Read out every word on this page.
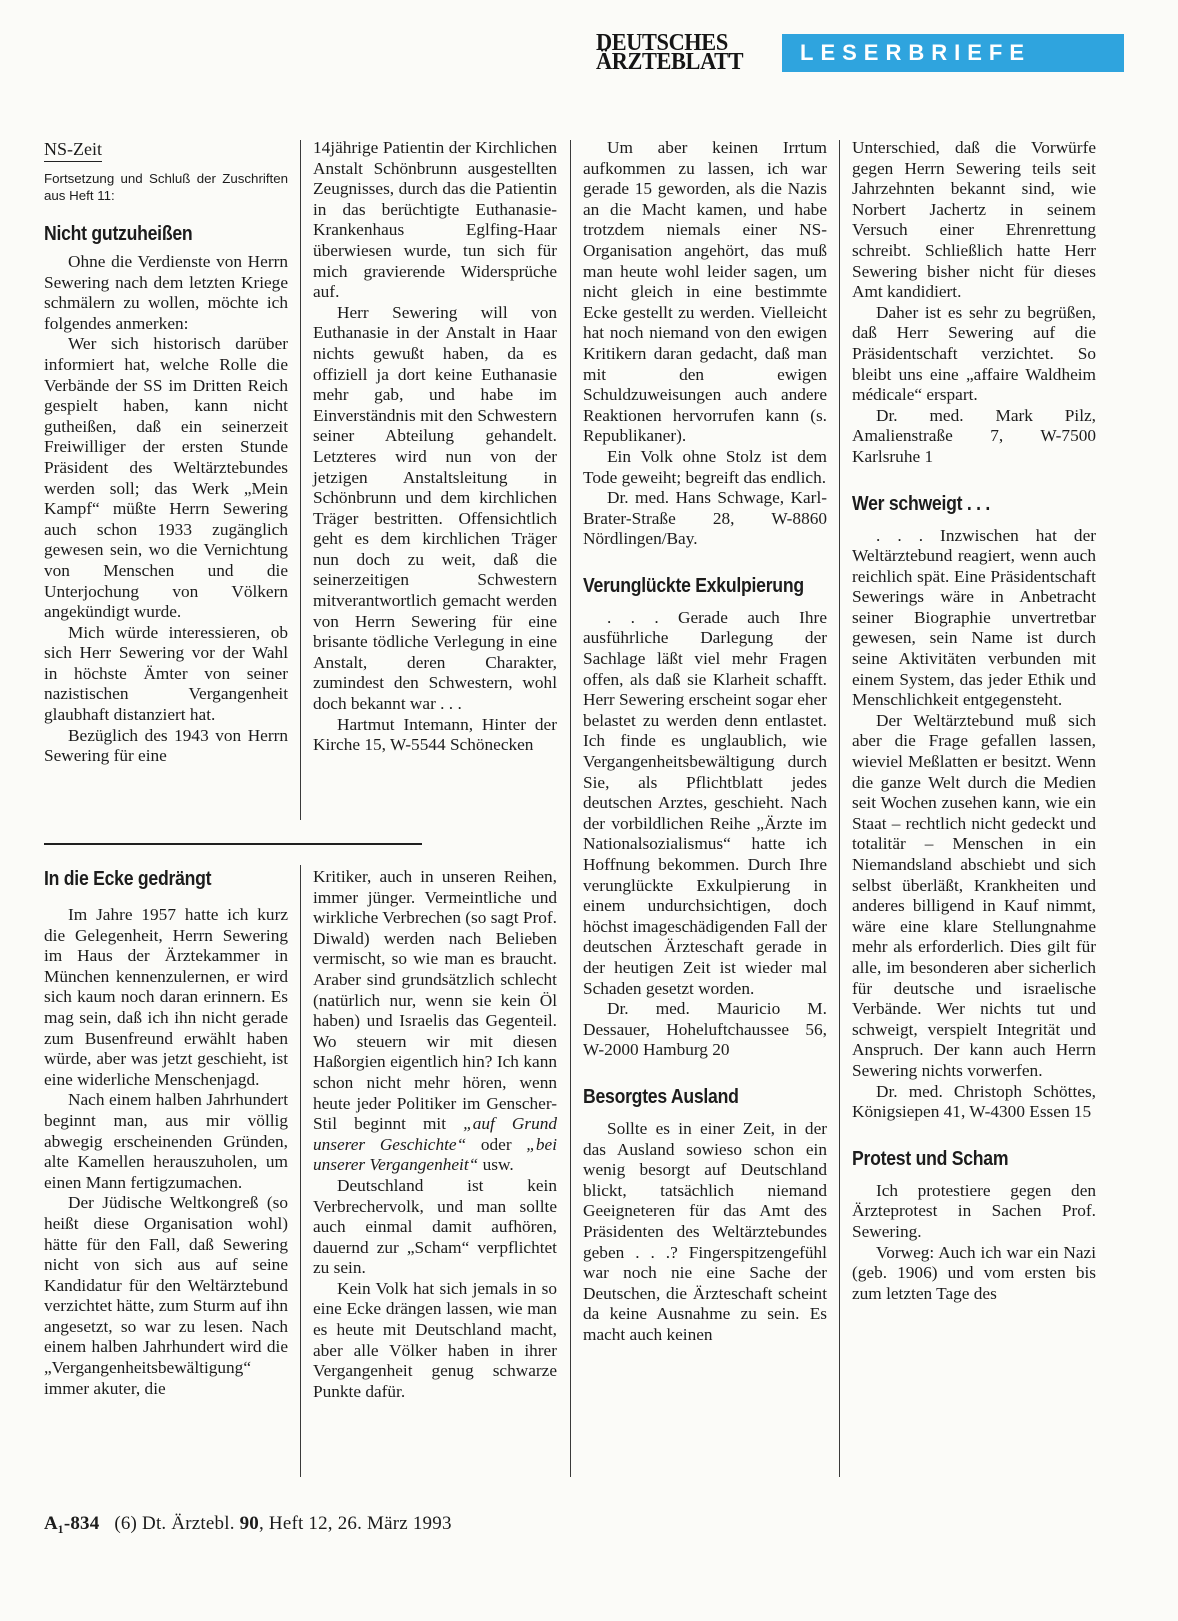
DEUTSCHES
ÄRZTEBLATT	LESERBRIEFE
NS-Zeit
Fortsetzung und Schluß der Zuschriften aus Heft 11:
Nicht gutzuheißen

Ohne die Verdienste von Herrn Sewering nach dem letzten Kriege schmälern zu wollen, möchte ich folgendes anmerken:

Wer sich historisch darüber informiert hat, welche Rolle die Verbände der SS im Dritten Reich gespielt haben, kann nicht gutheißen, daß ein seinerzeit Freiwilliger der ersten Stunde Präsident des Weltärztebundes werden soll; das Werk „Mein Kampf“ müßte Herrn Sewering auch schon 1933 zugänglich gewesen sein, wo die Vernichtung von Menschen und die Unterjochung von Völkern angekündigt wurde.

Mich würde interessieren, ob sich Herr Sewering vor der Wahl in höchste Ämter von seiner nazistischen Vergangenheit glaubhaft distanziert hat.

Bezüglich des 1943 von Herrn Sewering für eine

14jährige Patientin der Kirchlichen Anstalt Schönbrunn ausgestellten Zeugnisses, durch das die Patientin in das berüchtigte Euthanasie-Krankenhaus Eglfing-Haar überwiesen wurde, tun sich für mich gravierende Widersprüche auf.

Herr Sewering will von Euthanasie in der Anstalt in Haar nichts gewußt haben, da es offiziell ja dort keine Euthanasie mehr gab, und habe im Einverständnis mit den Schwestern seiner Abteilung gehandelt. Letzteres wird nun von der jetzigen Anstaltsleitung in Schönbrunn und dem kirchlichen Träger bestritten. Offensichtlich geht es dem kirchlichen Träger nun doch zu weit, daß die seinerzeitigen Schwestern mitverantwortlich gemacht werden von Herrn Sewering für eine brisante tödliche Verlegung in eine Anstalt, deren Charakter, zumindest den Schwestern, wohl doch bekannt war . . .

Hartmut Intemann, Hinter der Kirche 15, W-5544 Schönecken

In die Ecke gedrängt

Im Jahre 1957 hatte ich kurz die Gelegenheit, Herrn Sewering im Haus der Ärztekammer in München kennenzulernen, er wird sich kaum noch daran erinnern. Es mag sein, daß ich ihn nicht gerade zum Busenfreund erwählt haben würde, aber was jetzt geschieht, ist eine widerliche Menschenjagd.

Nach einem halben Jahrhundert beginnt man, aus mir völlig abwegig erscheinenden Gründen, alte Kamellen herauszuholen, um einen Mann fertigzumachen.

Der Jüdische Weltkongreß (so heißt diese Organisation wohl) hätte für den Fall, daß Sewering nicht von sich aus auf seine Kandidatur für den Weltärztebund verzichtet hätte, zum Sturm auf ihn angesetzt, so war zu lesen. Nach einem halben Jahrhundert wird die „Vergangenheitsbewältigung“ immer akuter, die

Kritiker, auch in unseren Reihen, immer jünger. Vermeintliche und wirkliche Verbrechen (so sagt Prof. Diwald) werden nach Belieben vermischt, so wie man es braucht. Araber sind grundsätzlich schlecht (natürlich nur, wenn sie kein Öl haben) und Israelis das Gegenteil. Wo steuern wir mit diesen Haßorgien eigentlich hin? Ich kann schon nicht mehr hören, wenn heute jeder Politiker im Genscher-Stil beginnt mit „auf Grund unserer Geschichte“ oder „bei unserer Vergangenheit“ usw.

Deutschland ist kein Verbrechervolk, und man sollte auch einmal damit aufhören, dauernd zur „Scham“ verpflichtet zu sein.

Kein Volk hat sich jemals in so eine Ecke drängen lassen, wie man es heute mit Deutschland macht, aber alle Völker haben in ihrer Vergangenheit genug schwarze Punkte dafür.

Um aber keinen Irrtum aufkommen zu lassen, ich war gerade 15 geworden, als die Nazis an die Macht kamen, und habe trotzdem niemals einer NS-Organisation angehört, das muß man heute wohl leider sagen, um nicht gleich in eine bestimmte Ecke gestellt zu werden. Vielleicht hat noch niemand von den ewigen Kritikern daran gedacht, daß man mit den ewigen Schuldzuweisungen auch andere Reaktionen hervorrufen kann (s. Republikaner).

Ein Volk ohne Stolz ist dem Tode geweiht; begreift das endlich.

Dr. med. Hans Schwage, Karl-Brater-Straße 28, W-8860 Nördlingen/Bay.

Verunglückte Exkulpierung

. . . Gerade auch Ihre ausführliche Darlegung der Sachlage läßt viel mehr Fragen offen, als daß sie Klarheit schafft. Herr Sewering erscheint sogar eher belastet zu werden denn entlastet. Ich finde es unglaublich, wie Vergangenheitsbewältigung durch Sie, als Pflichtblatt jedes deutschen Arztes, geschieht. Nach der vorbildlichen Reihe „Ärzte im Nationalsozialismus“ hatte ich Hoffnung bekommen. Durch Ihre verunglückte Exkulpierung in einem undurchsichtigen, doch höchst imageschädigenden Fall der deutschen Ärzteschaft gerade in der heutigen Zeit ist wieder mal Schaden gesetzt worden.

Dr. med. Mauricio M. Dessauer, Hoheluftchaussee 56, W-2000 Hamburg 20

Besorgtes Ausland

Sollte es in einer Zeit, in der das Ausland sowieso schon ein wenig besorgt auf Deutschland blickt, tatsächlich niemand Geeigneteren für das Amt des Präsidenten des Weltärztebundes geben . . .? Fingerspitzengefühl war noch nie eine Sache der Deutschen, die Ärzteschaft scheint da keine Ausnahme zu sein. Es macht auch keinen

Unterschied, daß die Vorwürfe gegen Herrn Sewering teils seit Jahrzehnten bekannt sind, wie Norbert Jachertz in seinem Versuch einer Ehrenrettung schreibt. Schließlich hatte Herr Sewering bisher nicht für dieses Amt kandidiert.

Daher ist es sehr zu begrüßen, daß Herr Sewering auf die Präsidentschaft verzichtet. So bleibt uns eine „affaire Waldheim médicale“ erspart.

Dr. med. Mark Pilz, Amalienstraße 7, W-7500 Karlsruhe 1

Wer schweigt . . .

. . . Inzwischen hat der Weltärztebund reagiert, wenn auch reichlich spät. Eine Präsidentschaft Sewerings wäre in Anbetracht seiner Biographie unvertretbar gewesen, sein Name ist durch seine Aktivitäten verbunden mit einem System, das jeder Ethik und Menschlichkeit entgegensteht.

Der Weltärztebund muß sich aber die Frage gefallen lassen, wieviel Meßlatten er besitzt. Wenn die ganze Welt durch die Medien seit Wochen zusehen kann, wie ein Staat – rechtlich nicht gedeckt und totalitär – Menschen in ein Niemandsland abschiebt und sich selbst überläßt, Krankheiten und anderes billigend in Kauf nimmt, wäre eine klare Stellungnahme mehr als erforderlich. Dies gilt für alle, im besonderen aber sicherlich für deutsche und israelische Verbände. Wer nichts tut und schweigt, verspielt Integrität und Anspruch. Der kann auch Herrn Sewering nichts vorwerfen.

Dr. med. Christoph Schöttes, Königsiepen 41, W-4300 Essen 15

Protest und Scham

Ich protestiere gegen den Ärzteprotest in Sachen Prof. Sewering.

Vorweg: Auch ich war ein Nazi (geb. 1906) und vom ersten bis zum letzten Tage des

A₁-834 (6) Dt. Ärztebl. 90, Heft 12, 26. März 1993
